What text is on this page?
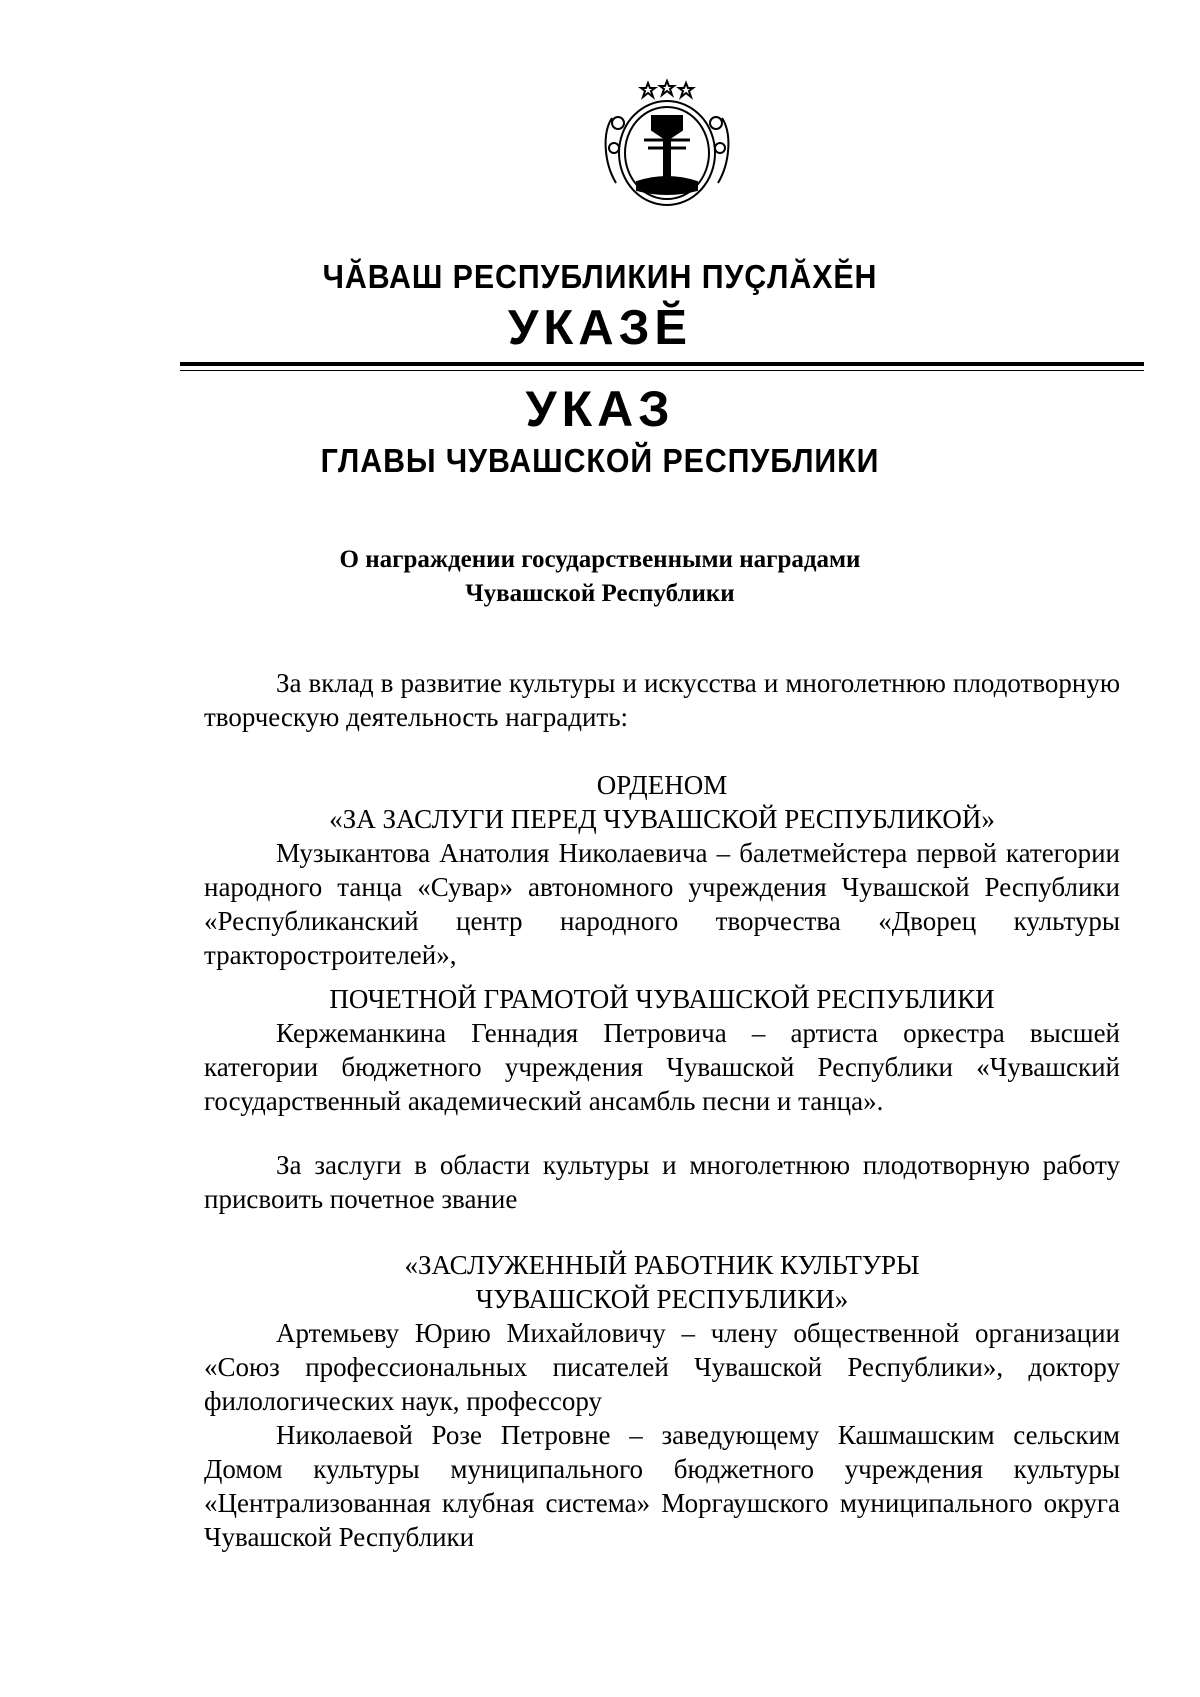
ЧĂВАШ РЕСПУБЛИКИН ПУÇЛĂХĔН
УКАЗĔ
УКАЗ
ГЛАВЫ ЧУВАШСКОЙ РЕСПУБЛИКИ
О награждении государственными наградами
Чувашской Республики
За вклад в развитие культуры и искусства и многолетнюю плодотворную творческую деятельность наградить:
ОРДЕНОМ
«ЗА ЗАСЛУГИ ПЕРЕД ЧУВАШСКОЙ РЕСПУБЛИКОЙ»
Музыкантова Анатолия Николаевича – балетмейстера первой категории народного танца «Сувар» автономного учреждения Чувашской Республики «Республиканский центр народного творчества «Дворец культуры тракторостроителей»,
ПОЧЕТНОЙ ГРАМОТОЙ ЧУВАШСКОЙ РЕСПУБЛИКИ
Кержеманкина Геннадия Петровича – артиста оркестра высшей категории бюджетного учреждения Чувашской Республики «Чувашский государственный академический ансамбль песни и танца».
За заслуги в области культуры и многолетнюю плодотворную работу присвоить почетное звание
«ЗАСЛУЖЕННЫЙ РАБОТНИК КУЛЬТУРЫ
ЧУВАШСКОЙ РЕСПУБЛИКИ»
Артемьеву Юрию Михайловичу – члену общественной организации «Союз профессиональных писателей Чувашской Республики», доктору филологических наук, профессору
Николаевой Розе Петровне – заведующему Кашмашским сельским Домом культуры муниципального бюджетного учреждения культуры «Централизованная клубная система» Моргаушского муниципального округа Чувашской Республики
